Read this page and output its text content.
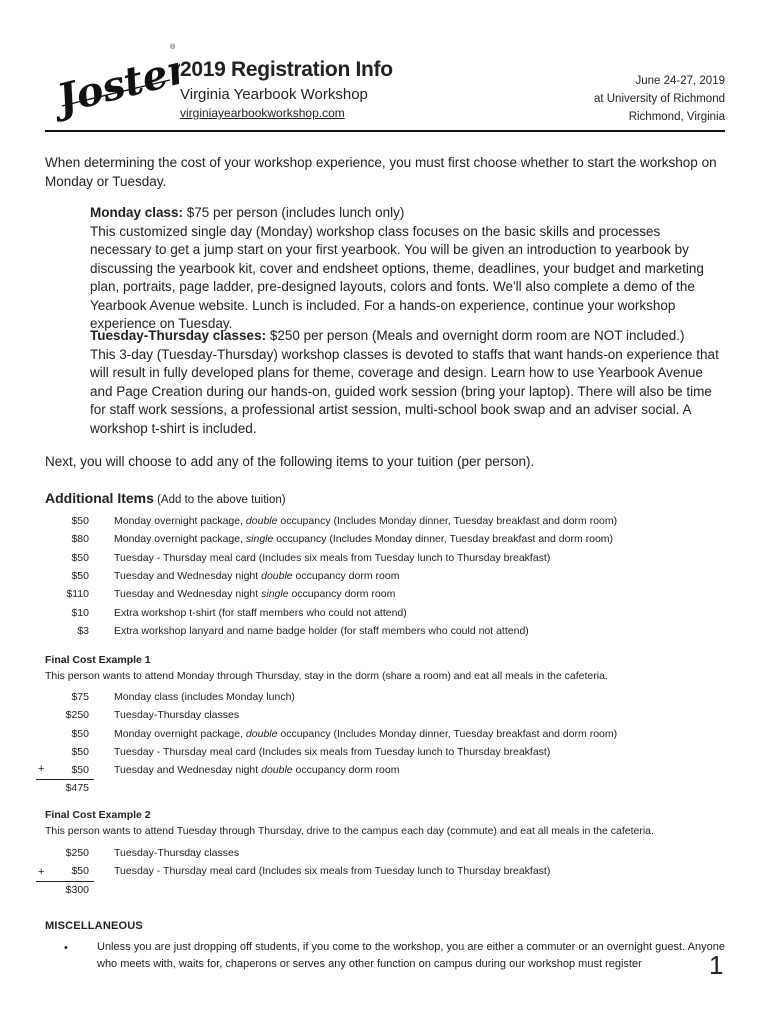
Jostens
®
2019 Registration Info
Virginia Yearbook Workshop
virginiayearbookworkshop.com
June 24-27, 2019
at University of Richmond
Richmond, Virginia
When determining the cost of your workshop experience, you must first choose whether to start the workshop on Monday or Tuesday.
Monday class: $75 per person (includes lunch only)
This customized single day (Monday) workshop class focuses on the basic skills and processes necessary to get a jump start on your first yearbook. You will be given an introduction to yearbook by discussing the yearbook kit, cover and endsheet options, theme, deadlines, your budget and marketing plan, portraits, page ladder, pre-designed layouts, colors and fonts. We'll also complete a demo of the Yearbook Avenue website. Lunch is included. For a hands-on experience, continue your workshop experience on Tuesday.
Tuesday-Thursday classes: $250 per person (Meals and overnight dorm room are NOT included.)
This 3-day (Tuesday-Thursday) workshop classes is devoted to staffs that want hands-on experience that will result in fully developed plans for theme, coverage and design. Learn how to use Yearbook Avenue and Page Creation during our hands-on, guided work session (bring your laptop). There will also be time for staff work sessions, a professional artist session, multi-school book swap and an adviser social. A workshop t-shirt is included.
Next, you will choose to add any of the following items to your tuition (per person).
Additional Items (Add to the above tuition)
$50 Monday overnight package, double occupancy (Includes Monday dinner, Tuesday breakfast and dorm room)
$80 Monday overnight package, single occupancy (Includes Monday dinner, Tuesday breakfast and dorm room)
$50 Tuesday - Thursday meal card (Includes six meals from Tuesday lunch to Thursday breakfast)
$50 Tuesday and Wednesday night double occupancy dorm room
$110 Tuesday and Wednesday night single occupancy dorm room
$10 Extra workshop t-shirt (for staff members who could not attend)
$3 Extra workshop lanyard and name badge holder (for staff members who could not attend)
Final Cost Example 1
This person wants to attend Monday through Thursday, stay in the dorm (share a room) and eat all meals in the cafeteria.
$75 Monday class (includes Monday lunch)
$250 Tuesday-Thursday classes
$50 Monday overnight package, double occupancy (Includes Monday dinner, Tuesday breakfast and dorm room)
$50 Tuesday - Thursday meal card (Includes six meals from Tuesday lunch to Thursday breakfast)
$50 Tuesday and Wednesday night double occupancy dorm room
+
$475
Final Cost Example 2
This person wants to attend Tuesday through Thursday, drive to the campus each day (commute) and eat all meals in the cafeteria.
$250 Tuesday-Thursday classes
$50 Tuesday - Thursday meal card (Includes six meals from Tuesday lunch to Thursday breakfast)
+
$300
MISCELLANEOUS
•	Unless you are just dropping off students, if you come to the workshop, you are either a commuter or an overnight guest. Anyone who meets with, waits for, chaperons or serves any other function on campus during our workshop must register	1
